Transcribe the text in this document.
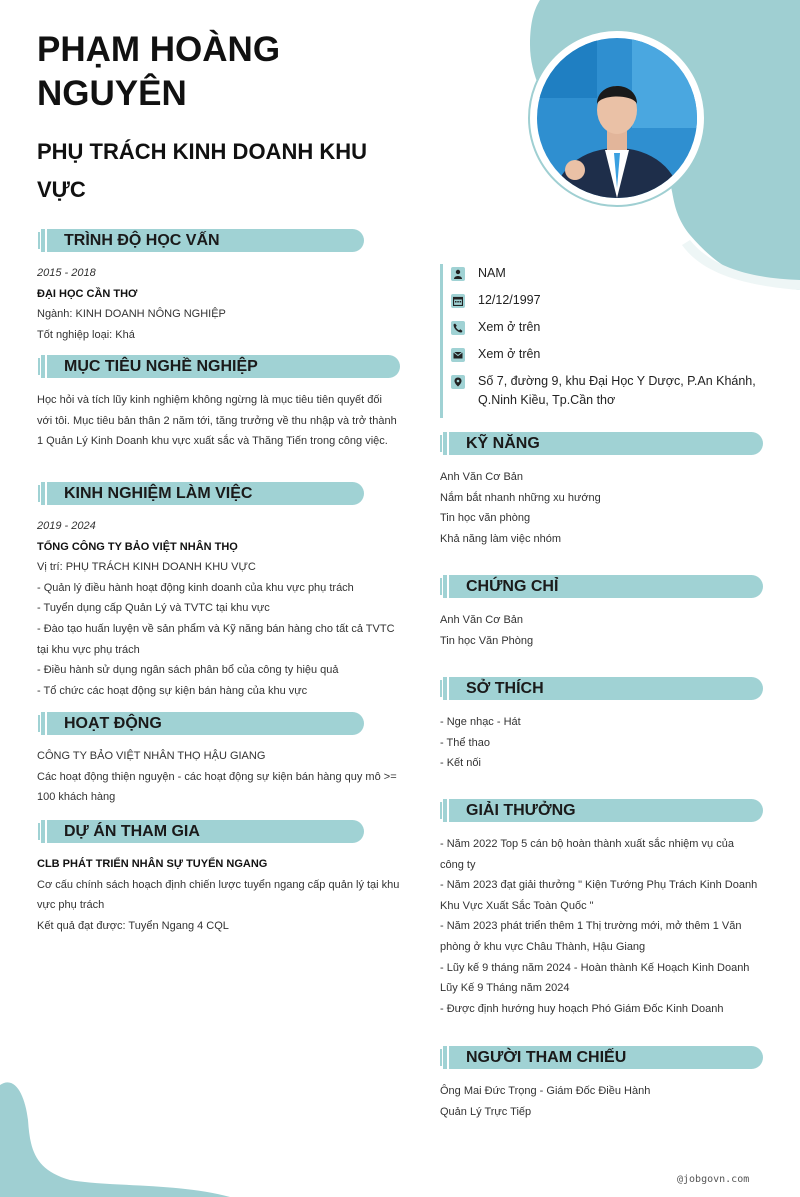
PHẠM HOÀNG NGUYÊN
PHỤ TRÁCH KINH DOANH KHU VỰC
TRÌNH ĐỘ HỌC VẤN

2015 - 2018

ĐẠI HỌC CẦN THƠ

Ngành: KINH DOANH NÔNG NGHIỆP

Tốt nghiệp loại: Khá

MỤC TIÊU NGHỀ NGHIỆP

Học hỏi và tích lũy kinh nghiệm không ngừng là mục tiêu tiên quyết đối

với tôi. Mục tiêu bản thân 2 năm tới, tăng trưởng về thu nhập và trở thành

1 Quản Lý Kinh Doanh khu vực xuất sắc và Thăng Tiến trong công việc.

KINH NGHIỆM LÀM VIỆC

2019 - 2024

TỔNG CÔNG TY BẢO VIỆT NHÂN THỌ

Vị trí: PHỤ TRÁCH KINH DOANH KHU VỰC

- Quản lý điều hành hoạt động kinh doanh của khu vực phụ trách

- Tuyển dụng cấp Quản Lý và TVTC tại khu vực

- Đào tạo huấn luyện về sản phẩm và Kỹ năng bán hàng cho tất cả TVTC

tại khu vực phụ trách

- Điều hành sử dụng ngân sách phân bổ của công ty hiệu quả

- Tổ chức các hoạt động sự kiện bán hàng của khu vực

HOẠT ĐỘNG

CÔNG TY BẢO VIỆT NHÂN THỌ HẬU GIANG

Các hoạt động thiện nguyện - các hoạt động sự kiện bán hàng quy mô >=

100 khách hàng

DỰ ÁN THAM GIA

CLB PHÁT TRIỂN NHÂN SỰ TUYỂN NGANG

Cơ cấu chính sách hoạch định chiến lược tuyển ngang cấp quản lý tại khu

vực phụ trách

Kết quả đạt được: Tuyển Ngang 4 CQL

NAM
12/12/1997
Xem ở trên
Xem ở trên
Số 7, đường 9, khu Đại Học Y Dược, P.An Khánh,
Q.Ninh Kiều, Tp.Cần thơ
KỸ NĂNG

Anh Văn Cơ Bản

Nắm bắt nhanh những xu hướng

Tin học văn phòng

Khả năng làm việc nhóm

CHỨNG CHỈ

Anh Văn Cơ Bản

Tin học Văn Phòng

SỞ THÍCH

- Nge nhạc - Hát

- Thể thao

- Kết nối

GIẢI THƯỞNG

- Năm 2022 Top 5 cán bộ hoàn thành xuất sắc nhiệm vụ của

công ty

- Năm 2023 đạt giải thưởng " Kiện Tướng Phụ Trách Kinh Doanh

Khu Vực Xuất Sắc Toàn Quốc "

- Năm 2023 phát triển thêm 1 Thị trường mới, mở thêm 1 Văn

phòng ở khu vực Châu Thành, Hậu Giang

- Lũy kế 9 tháng năm 2024 - Hoàn thành Kế Hoạch Kinh Doanh

Lũy Kế 9 Tháng năm 2024

- Được định hướng huy hoạch Phó Giám Đốc Kinh Doanh

NGƯỜI THAM CHIẾU

Ông Mai Đức Trọng - Giám Đốc Điều Hành

Quản Lý Trực Tiếp

@jobgovn.com
